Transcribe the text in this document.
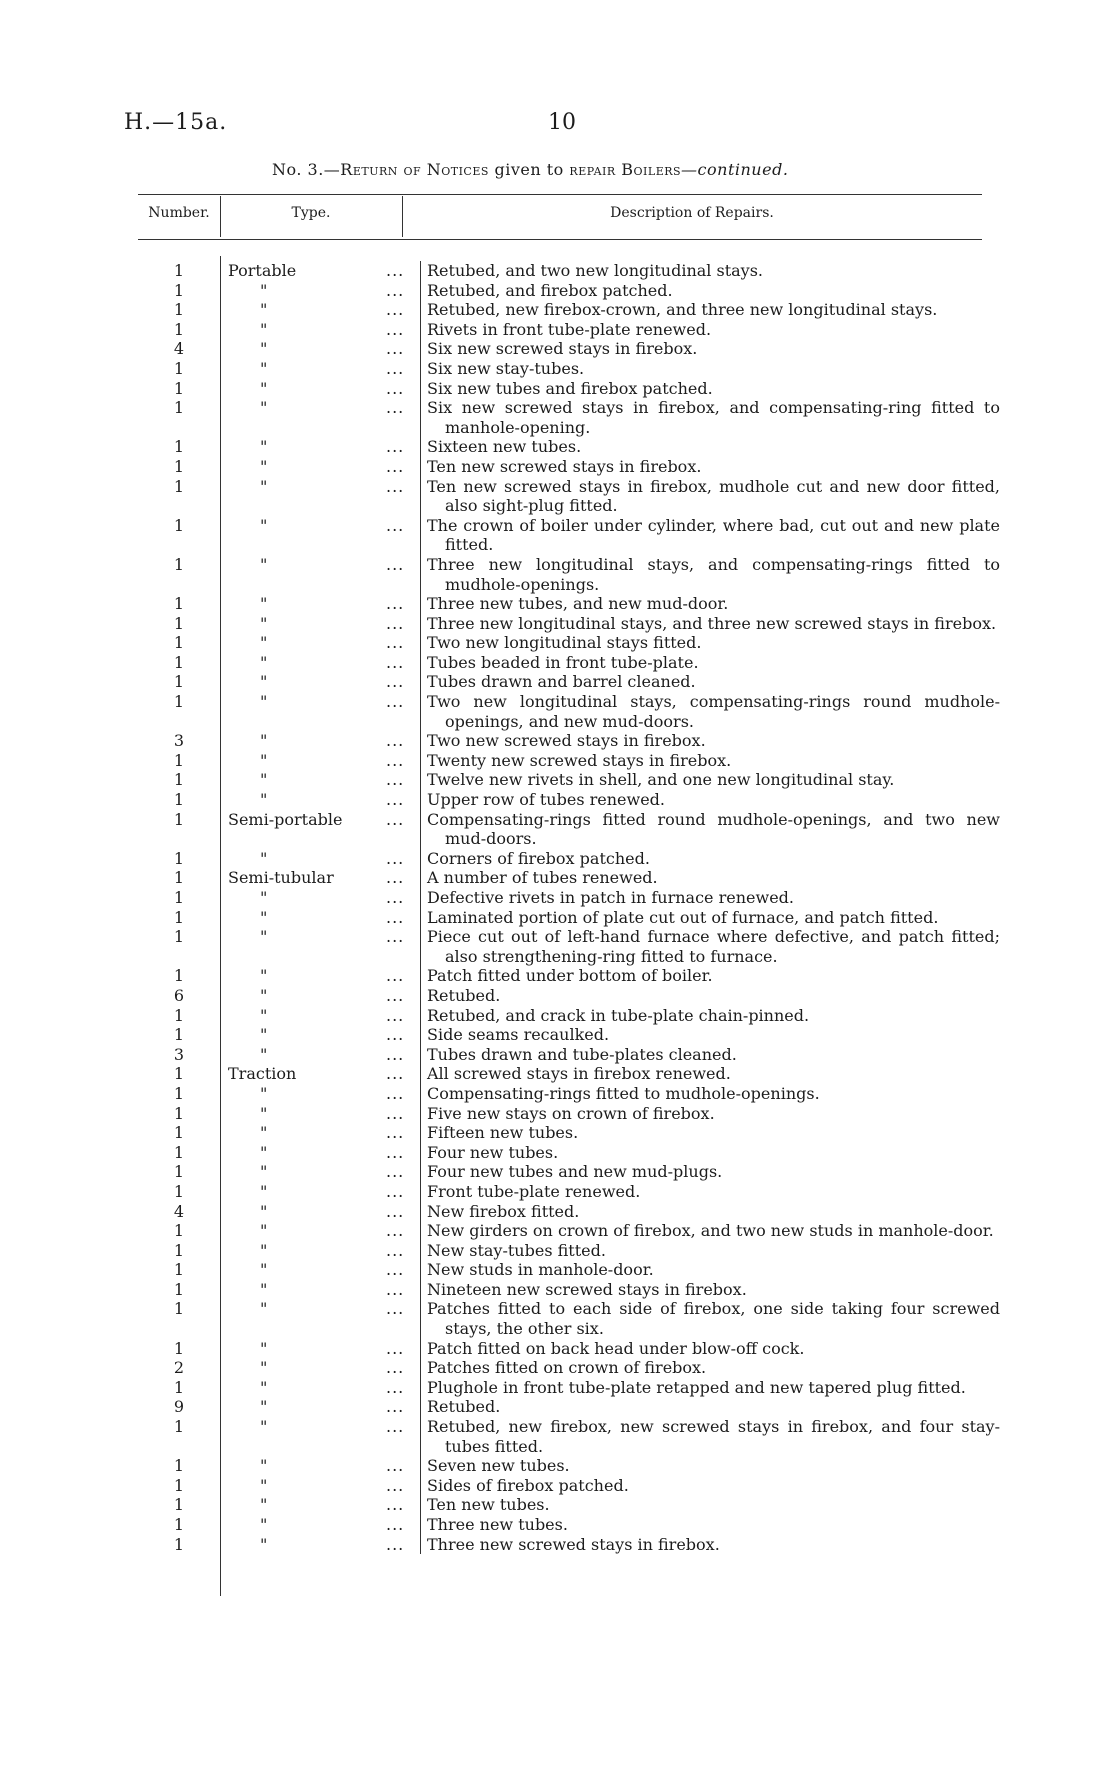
H.—15a.	10
No. 3.—Return of Notices given to repair Boilers—continued.
Number.	Type.	Description of Repairs.
1	Portable	...	Retubed, and two new longitudinal stays.
1	"	...	Retubed, and firebox patched.
1	"	...	Retubed, new firebox-crown, and three new longitudinal stays.
1	"	...	Rivets in front tube-plate renewed.
4	"	...	Six new screwed stays in firebox.
1	"	...	Six new stay-tubes.
1	"	...	Six new tubes and firebox patched.
1	"	...	Six new screwed stays in firebox, and compensating-ring fitted to manhole-opening.
1	"	...	Sixteen new tubes.
1	"	...	Ten new screwed stays in firebox.
1	"	...	Ten new screwed stays in firebox, mudhole cut and new door fitted, also sight-plug fitted.
1	"	...	The crown of boiler under cylinder, where bad, cut out and new plate fitted.
1	"	...	Three new longitudinal stays, and compensating-rings fitted to mudhole-openings.
1	"	...	Three new tubes, and new mud-door.
1	"	...	Three new longitudinal stays, and three new screwed stays in firebox.
1	"	...	Two new longitudinal stays fitted.
1	"	...	Tubes beaded in front tube-plate.
1	"	...	Tubes drawn and barrel cleaned.
1	"	...	Two new longitudinal stays, compensating-rings round mudhole-openings, and new mud-doors.
3	"	...	Two new screwed stays in firebox.
1	"	...	Twenty new screwed stays in firebox.
1	"	...	Twelve new rivets in shell, and one new longitudinal stay.
1	"	...	Upper row of tubes renewed.
1	Semi-portable	...	Compensating-rings fitted round mudhole-openings, and two new mud-doors.
1	"	...	Corners of firebox patched.
1	Semi-tubular	...	A number of tubes renewed.
1	"	...	Defective rivets in patch in furnace renewed.
1	"	...	Laminated portion of plate cut out of furnace, and patch fitted.
1	"	...	Piece cut out of left-hand furnace where defective, and patch fitted; also strengthening-ring fitted to furnace.
1	"	...	Patch fitted under bottom of boiler.
6	"	...	Retubed.
1	"	...	Retubed, and crack in tube-plate chain-pinned.
1	"	...	Side seams recaulked.
3	"	...	Tubes drawn and tube-plates cleaned.
1	Traction	...	All screwed stays in firebox renewed.
1	"	...	Compensating-rings fitted to mudhole-openings.
1	"	...	Five new stays on crown of firebox.
1	"	...	Fifteen new tubes.
1	"	...	Four new tubes.
1	"	...	Four new tubes and new mud-plugs.
1	"	...	Front tube-plate renewed.
4	"	...	New firebox fitted.
1	"	...	New girders on crown of firebox, and two new studs in manhole-door.
1	"	...	New stay-tubes fitted.
1	"	...	New studs in manhole-door.
1	"	...	Nineteen new screwed stays in firebox.
1	"	...	Patches fitted to each side of firebox, one side taking four screwed stays, the other six.
1	"	...	Patch fitted on back head under blow-off cock.
2	"	...	Patches fitted on crown of firebox.
1	"	...	Plughole in front tube-plate retapped and new tapered plug fitted.
9	"	...	Retubed.
1	"	...	Retubed, new firebox, new screwed stays in firebox, and four stay-tubes fitted.
1	"	...	Seven new tubes.
1	"	...	Sides of firebox patched.
1	"	...	Ten new tubes.
1	"	...	Three new tubes.
1	"	...	Three new screwed stays in firebox.
